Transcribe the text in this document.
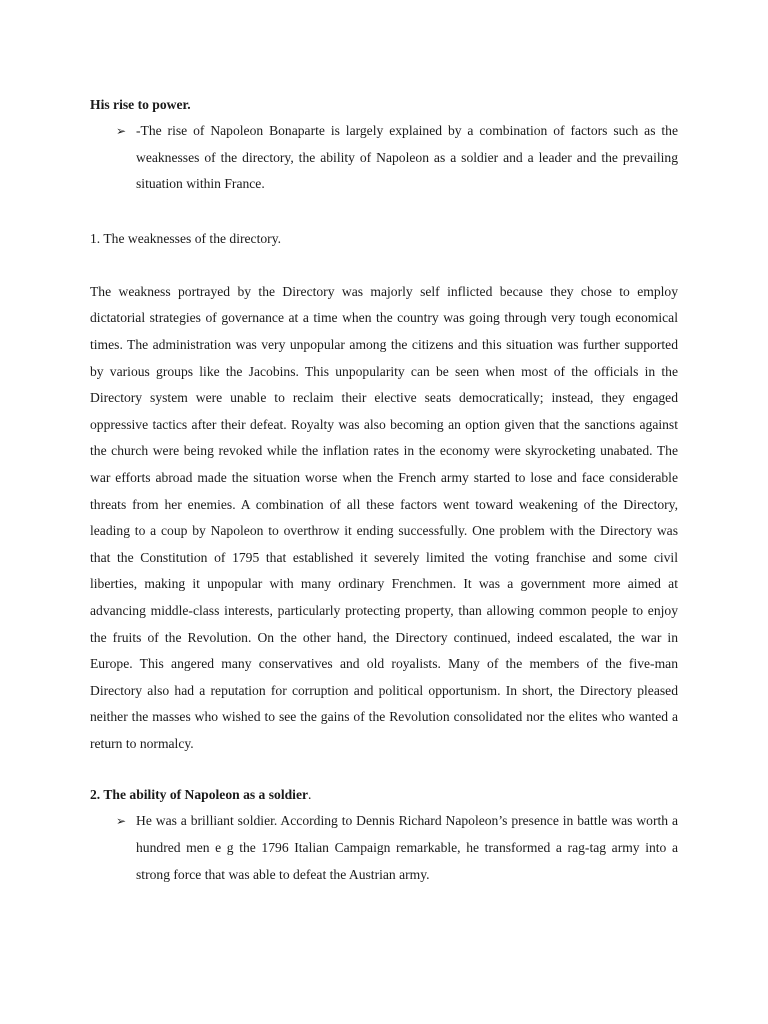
His rise to power.

➢ -The rise of Napoleon Bonaparte is largely explained by a combination of factors such as the weaknesses of the directory, the ability of Napoleon as a soldier and a leader and the prevailing situation within France.

1. The weaknesses of the directory.

The weakness portrayed by the Directory was majorly self inflicted because they chose to employ dictatorial strategies of governance at a time when the country was going through very tough economical times. The administration was very unpopular among the citizens and this situation was further supported by various groups like the Jacobins. This unpopularity can be seen when most of the officials in the Directory system were unable to reclaim their elective seats democratically; instead, they engaged oppressive tactics after their defeat. Royalty was also becoming an option given that the sanctions against the church were being revoked while the inflation rates in the economy were skyrocketing unabated. The war efforts abroad made the situation worse when the French army started to lose and face considerable threats from her enemies. A combination of all these factors went toward weakening of the Directory, leading to a coup by Napoleon to overthrow it ending successfully. One problem with the Directory was that the Constitution of 1795 that established it severely limited the voting franchise and some civil liberties, making it unpopular with many ordinary Frenchmen. It was a government more aimed at advancing middle-class interests, particularly protecting property, than allowing common people to enjoy the fruits of the Revolution. On the other hand, the Directory continued, indeed escalated, the war in Europe. This angered many conservatives and old royalists. Many of the members of the five-man Directory also had a reputation for corruption and political opportunism. In short, the Directory pleased neither the masses who wished to see the gains of the Revolution consolidated nor the elites who wanted a return to normalcy.

2. The ability of Napoleon as a soldier.

➢ He was a brilliant soldier. According to Dennis Richard Napoleon’s presence in battle was worth a hundred men e g the 1796 Italian Campaign remarkable, he transformed a rag-tag army into a strong force that was able to defeat the Austrian army.
